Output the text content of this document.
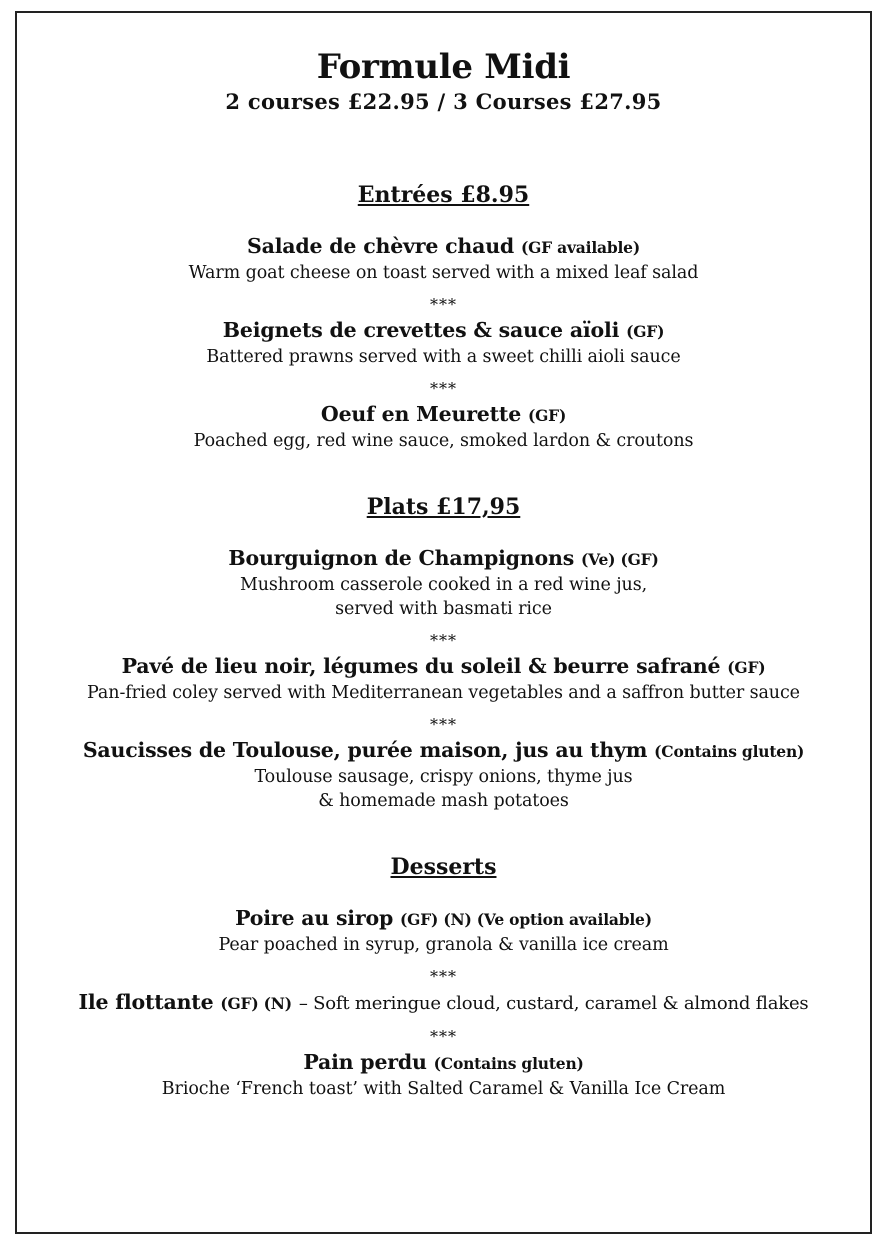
Formule Midi
2 courses £22.95 / 3 Courses £27.95
Entrées £8.95
Salade de chèvre chaud (GF available)
Warm goat cheese on toast served with a mixed leaf salad
***
Beignets de crevettes & sauce aïoli (GF)
Battered prawns served with a sweet chilli aioli sauce
***
Oeuf en Meurette (GF)
Poached egg, red wine sauce, smoked lardon & croutons
Plats £17,95
Bourguignon de Champignons (Ve) (GF)
Mushroom casserole cooked in a red wine jus,
served with basmati rice
***
Pavé de lieu noir, légumes du soleil & beurre safrané (GF)
Pan-fried coley served with Mediterranean vegetables and a saffron butter sauce
***
Saucisses de Toulouse, purée maison, jus au thym (Contains gluten)
Toulouse sausage, crispy onions, thyme jus
& homemade mash potatoes
Desserts
Poire au sirop (GF) (N) (Ve option available)
Pear poached in syrup, granola & vanilla ice cream
***
Ile flottante (GF) (N) – Soft meringue cloud, custard, caramel & almond flakes
***
Pain perdu (Contains gluten)
Brioche ‘French toast’ with Salted Caramel & Vanilla Ice Cream
